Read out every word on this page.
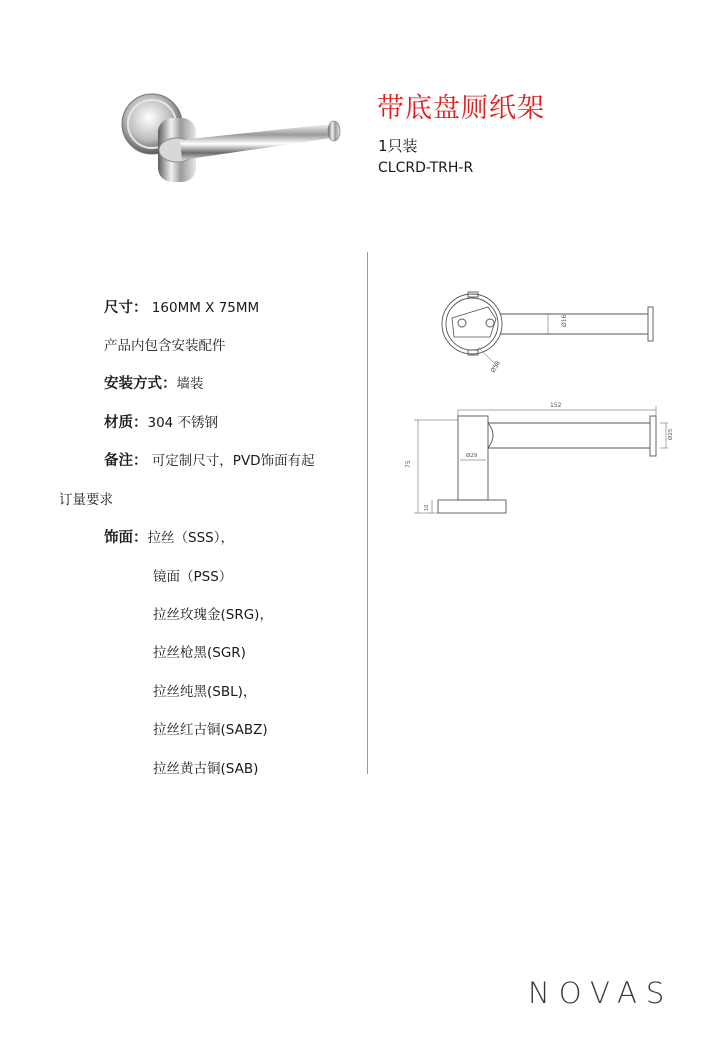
带底盘厕纸架
1只装
CLCRD-TRH-R
尺寸： 160MM X 75MM
产品内包含安装配件
安装方式：墙装
材质：304 不锈钢
备注： 可定制尺寸，PVD饰面有起
订量要求
饰面：拉丝（SSS），
镜面（PSS）
拉丝玫瑰金(SRG)，
拉丝枪黑(SGR)
拉丝纯黑(SBL)，
拉丝红古铜(SABZ)
拉丝黄古铜(SAB)
Ø16
Ø58
152
75
Ø25
Ø29
10
NOVAS
